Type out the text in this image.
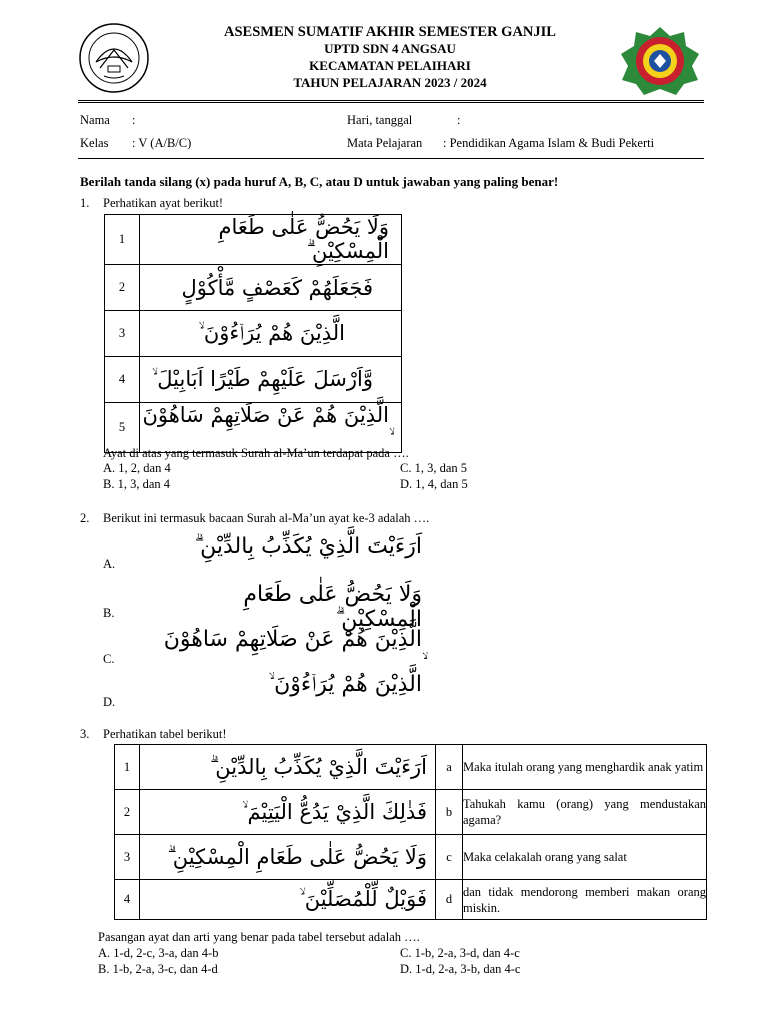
ASESMEN SUMATIF AKHIR SEMESTER GANJIL
UPTD SDN 4 ANGSAU
KECAMATAN PELAIHARI
TAHUN PELAJARAN 2023 / 2024
Nama :	Hari, tanggal	:
Kelas : V (A/B/C)	Mata Pelajaran : Pendidikan Agama Islam & Budi Pekerti
Berilah tanda silang (x) pada huruf A, B, C, atau D untuk jawaban yang paling benar!
1. Perhatikan ayat berikut!
1	وَلَا يَحُضُّ عَلٰى طَعَامِ الْمِسْكِيْنِ ۗ
2	فَجَعَلَهُمْ كَعَصْفٍ مَّأْكُوْلٍ
3	الَّذِيْنَ هُمْ يُرَاۤءُوْنَ ۙ
4	وَّاَرْسَلَ عَلَيْهِمْ طَيْرًا اَبَابِيْلَ ۙ
5	الَّذِيْنَ هُمْ عَنْ صَلَاتِهِمْ سَاهُوْنَ
Ayat di atas yang termasuk Surah al-Ma’un terdapat pada ….
A. 1, 2, dan 4	C. 1, 3, dan 5
B. 1, 3, dan 4	D. 1, 4, dan 5
2. Berikut ini termasuk bacaan Surah al-Ma’un ayat ke-3 adalah ….
A.
اَرَءَيْتَ الَّذِيْ يُكَذِّبُ بِالدِّيْنِ ۗ
B.
وَلَا يَحُضُّ عَلٰى طَعَامِ الْمِسْكِيْنِ ۗ
C.
الَّذِيْنَ هُمْ عَنْ صَلَاتِهِمْ سَاهُوْنَ
D.
الَّذِيْنَ هُمْ يُرَاۤءُوْنَ ۙ
3. Perhatikan tabel berikut!
1	اَرَءَيْتَ الَّذِيْ يُكَذِّبُ بِالدِّيْنِ ۗ	a	Maka itulah orang yang menghardik anak yatim
2	فَذٰلِكَ الَّذِيْ يَدُعُّ الْيَتِيْمَ ۙ	b	Tahukah kamu (orang) yang mendustakan agama?
3	وَلَا يَحُضُّ عَلٰى طَعَامِ الْمِسْكِيْنِ ۗ	c	Maka celakalah orang yang salat
4	فَوَيْلٌ لِّلْمُصَلِّيْنَ ۙ	d	dan tidak mendorong memberi makan orang miskin.
Pasangan ayat dan arti yang benar pada tabel tersebut adalah ….
A. 1-d, 2-c, 3-a, dan 4-b	C. 1-b, 2-a, 3-d, dan 4-c
B. 1-b, 2-a, 3-c, dan 4-d	D. 1-d, 2-a, 3-b, dan 4-c
